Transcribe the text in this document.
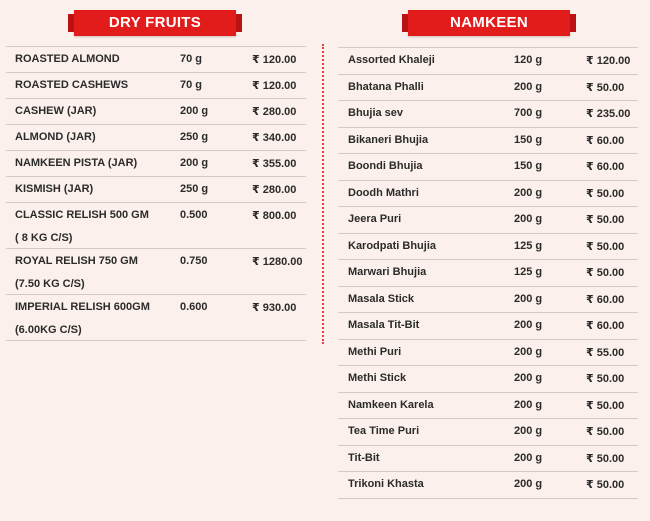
DRY FRUITS	NAMKEEN
ROASTED ALMOND	70 g	₹ 120.00
ROASTED CASHEWS	70 g	₹ 120.00
CASHEW (JAR)	200 g	₹ 280.00
ALMOND (JAR)	250 g	₹ 340.00
NAMKEEN PISTA (JAR)	200 g	₹ 355.00
KISMISH (JAR)	250 g	₹ 280.00
CLASSIC RELISH 500 GM	0.500	₹ 800.00
( 8 KG C/S)
ROYAL RELISH 750 GM	0.750	₹ 1280.00
(7.50 KG C/S)
IMPERIAL RELISH 600GM	0.600	₹ 930.00
(6.00KG C/S)
Assorted Khaleji	120 g	₹ 120.00
Bhatana Phalli	200 g	₹ 50.00
Bhujia sev	700 g	₹ 235.00
Bikaneri Bhujia	150 g	₹ 60.00
Boondi Bhujia	150 g	₹ 60.00
Doodh Mathri	200 g	₹ 50.00
Jeera Puri	200 g	₹ 50.00
Karodpati Bhujia	125 g	₹ 50.00
Marwari Bhujia	125 g	₹ 50.00
Masala Stick	200 g	₹ 60.00
Masala Tit-Bit	200 g	₹ 60.00
Methi Puri	200 g	₹ 55.00
Methi Stick	200 g	₹ 50.00
Namkeen Karela	200 g	₹ 50.00
Tea Time Puri	200 g	₹ 50.00
Tit-Bit	200 g	₹ 50.00
Trikoni Khasta	200 g	₹ 50.00
